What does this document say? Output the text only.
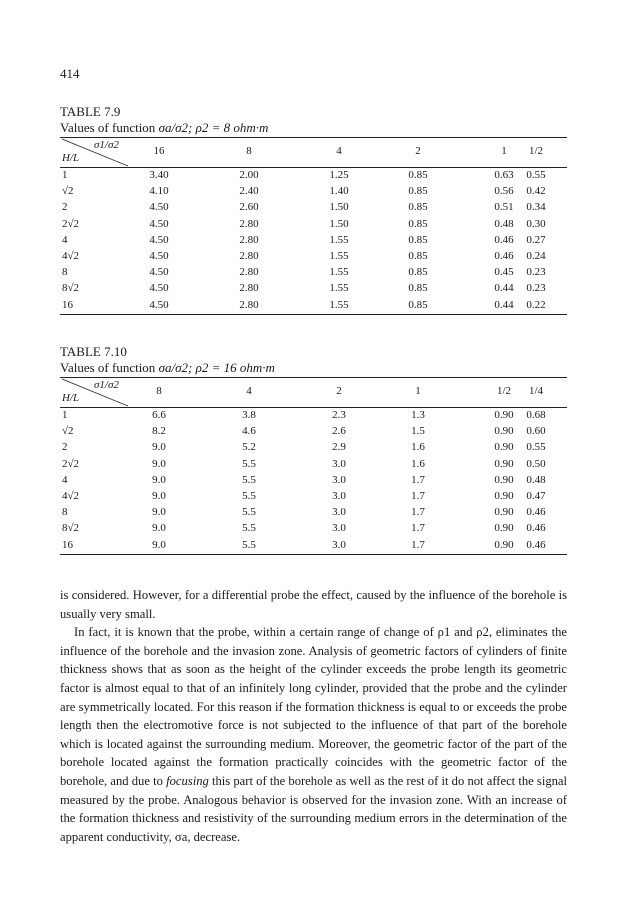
414
TABLE 7.9
Values of function σa/σ2; ρ2 = 8 ohm·m
σ1/σ2
H/L
16	8	4	2	1	1/2
1	3.40	2.00	1.25	0.85	0.63	0.55
√2	4.10	2.40	1.40	0.85	0.56	0.42
2	4.50	2.60	1.50	0.85	0.51	0.34
2√2	4.50	2.80	1.50	0.85	0.48	0.30
4	4.50	2.80	1.55	0.85	0.46	0.27
4√2	4.50	2.80	1.55	0.85	0.46	0.24
8	4.50	2.80	1.55	0.85	0.45	0.23
8√2	4.50	2.80	1.55	0.85	0.44	0.23
16	4.50	2.80	1.55	0.85	0.44	0.22
TABLE 7.10
Values of function σa/σ2; ρ2 = 16 ohm·m
σ1/σ2
H/L
8	4	2	1	1/2	1/4
1	6.6	3.8	2.3	1.3	0.90	0.68
√2	8.2	4.6	2.6	1.5	0.90	0.60
2	9.0	5.2	2.9	1.6	0.90	0.55
2√2	9.0	5.5	3.0	1.6	0.90	0.50
4	9.0	5.5	3.0	1.7	0.90	0.48
4√2	9.0	5.5	3.0	1.7	0.90	0.47
8	9.0	5.5	3.0	1.7	0.90	0.46
8√2	9.0	5.5	3.0	1.7	0.90	0.46
16	9.0	5.5	3.0	1.7	0.90	0.46

is considered. However, for a differential probe the effect, caused by the influence of the borehole is usually very small.

In fact, it is known that the probe, within a certain range of change of ρ1 and ρ2, eliminates the influence of the borehole and the invasion zone. Analysis of geometric factors of cylinders of finite thickness shows that as soon as the height of the cylinder exceeds the probe length its geometric factor is almost equal to that of an infinitely long cylinder, provided that the probe and the cylinder are symmetrically located. For this reason if the formation thickness is equal to or exceeds the probe length then the electromotive force is not subjected to the influence of that part of the borehole which is located against the surrounding medium. Moreover, the geometric factor of the part of the borehole located against the formation practically coincides with the geometric factor of the borehole, and due to focusing this part of the borehole as well as the rest of it do not affect the signal measured by the probe. Analogous behavior is observed for the invasion zone. With an increase of the formation thickness and resistivity of the surrounding medium errors in the determination of the apparent conductivity, σa, decrease.
